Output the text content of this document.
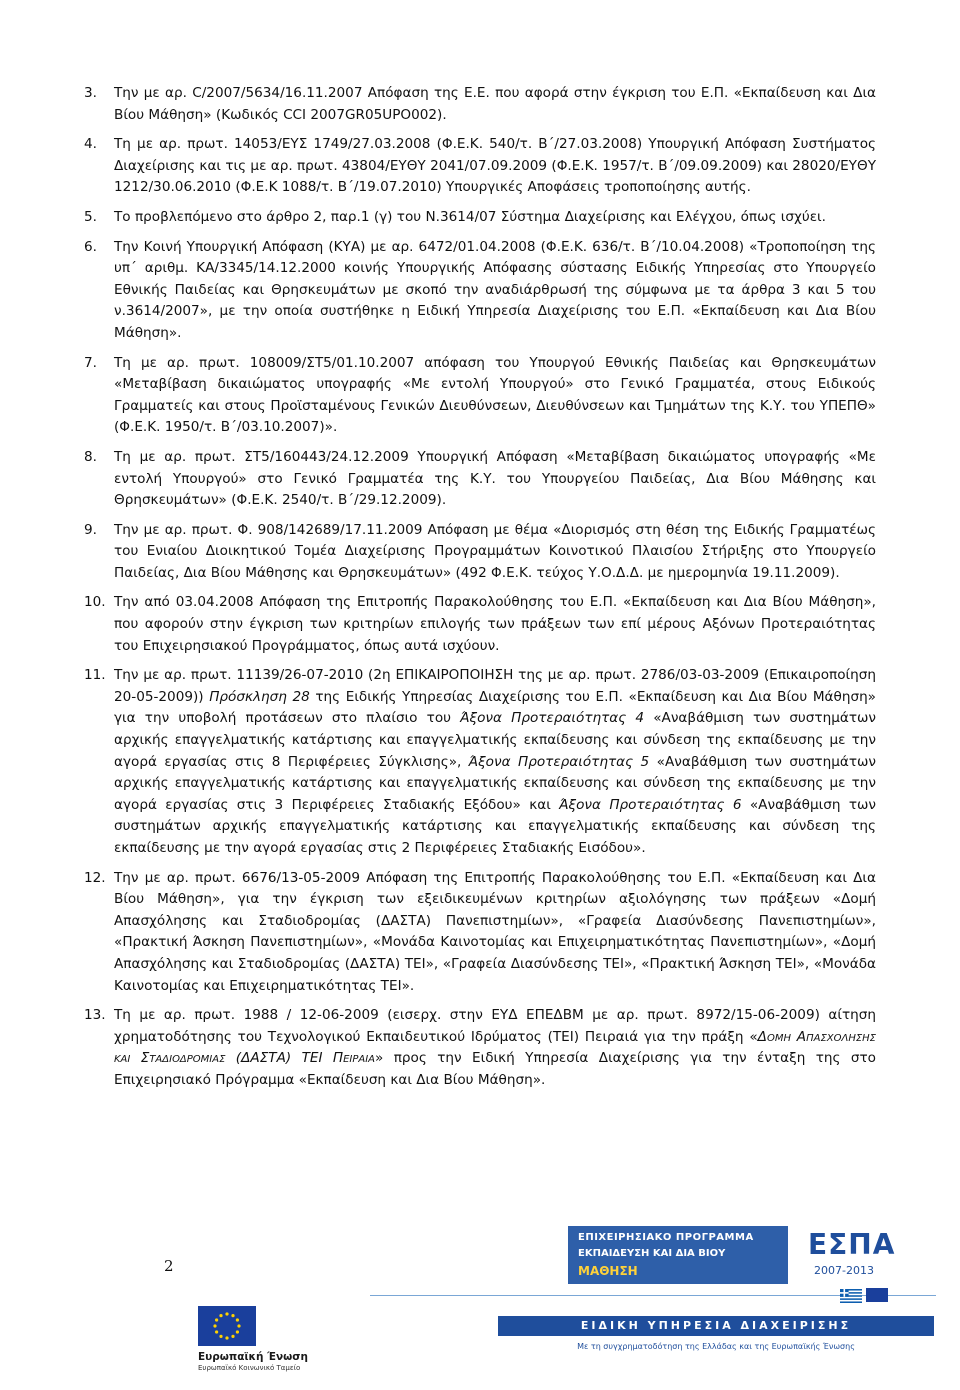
3.	Την με αρ. C/2007/5634/16.11.2007 Απόφαση της Ε.Ε. που αφορά στην έγκριση του Ε.Π. «Εκπαίδευση και Δια Βίου Μάθηση» (Κωδικός CCI 2007GR05UPO002).
4.	Τη με αρ. πρωτ. 14053/ΕΥΣ 1749/27.03.2008 (Φ.Ε.Κ. 540/τ. Β΄/27.03.2008) Υπουργική Απόφαση Συστήματος Διαχείρισης και τις με αρ. πρωτ. 43804/ΕΥΘΥ 2041/07.09.2009 (Φ.Ε.Κ. 1957/τ. Β΄/09.09.2009) και 28020/ΕΥΘΥ 1212/30.06.2010 (Φ.Ε.Κ 1088/τ. Β΄/19.07.2010) Υπουργικές Αποφάσεις τροποποίησης αυτής.
5.	Το προβλεπόμενο στο άρθρο 2, παρ.1 (γ) του Ν.3614/07 Σύστημα Διαχείρισης και Ελέγχου, όπως ισχύει.
6.	Την Κοινή Υπουργική Απόφαση (ΚΥΑ) με αρ. 6472/01.04.2008 (Φ.Ε.Κ. 636/τ. Β΄/10.04.2008) «Τροποποίηση της υπ΄ αριθμ. ΚΑ/3345/14.12.2000 κοινής Υπουργικής Απόφασης σύστασης Ειδικής Υπηρεσίας στο Υπουργείο Εθνικής Παιδείας και Θρησκευμάτων με σκοπό την αναδιάρθρωσή της σύμφωνα με τα άρθρα 3 και 5 του ν.3614/2007», με την οποία συστήθηκε η Ειδική Υπηρεσία Διαχείρισης του Ε.Π. «Εκπαίδευση και Δια Βίου Μάθηση».
7.	Τη με αρ. πρωτ. 108009/ΣΤ5/01.10.2007 απόφαση του Υπουργού Εθνικής Παιδείας και Θρησκευμάτων «Μεταβίβαση δικαιώματος υπογραφής «Με εντολή Υπουργού» στο Γενικό Γραμματέα, στους Ειδικούς Γραμματείς και στους Προϊσταμένους Γενικών Διευθύνσεων, Διευθύνσεων και Τμημάτων της Κ.Υ. του ΥΠΕΠΘ» (Φ.Ε.Κ. 1950/τ. Β΄/03.10.2007)».
8.	Τη με αρ. πρωτ. ΣΤ5/160443/24.12.2009 Υπουργική Απόφαση «Μεταβίβαση δικαιώματος υπογραφής «Με εντολή Υπουργού» στο Γενικό Γραμματέα της Κ.Υ. του Υπουργείου Παιδείας, Δια Βίου Μάθησης και Θρησκευμάτων» (Φ.Ε.Κ. 2540/τ. Β΄/29.12.2009).
9.	Την με αρ. πρωτ. Φ. 908/142689/17.11.2009 Απόφαση με θέμα «Διορισμός στη θέση της Ειδικής Γραμματέως του Ενιαίου Διοικητικού Τομέα Διαχείρισης Προγραμμάτων Κοινοτικού Πλαισίου Στήριξης στο Υπουργείο Παιδείας, Δια Βίου Μάθησης και Θρησκευμάτων» (492 Φ.Ε.Κ. τεύχος Υ.Ο.Δ.Δ. με ημερομηνία 19.11.2009).
10. Την από 03.04.2008 Απόφαση της Επιτροπής Παρακολούθησης του Ε.Π. «Εκπαίδευση και Δια Βίου Μάθηση», που αφορούν στην έγκριση των κριτηρίων επιλογής των πράξεων των επί μέρους Αξόνων Προτεραιότητας του Επιχειρησιακού Προγράμματος, όπως αυτά ισχύουν.
11. Την με αρ. πρωτ. 11139/26-07-2010 (2η ΕΠΙΚΑΙΡΟΠΟΙΗΣΗ της με αρ. πρωτ. 2786/03-03-2009 (Επικαιροποίηση 20-05-2009)) Πρόσκληση 28 της Ειδικής Υπηρεσίας Διαχείρισης του Ε.Π. «Εκπαίδευση και Δια Βίου Μάθηση» για την υποβολή προτάσεων στο πλαίσιο του Άξονα Προτεραιότητας 4 «Αναβάθμιση των συστημάτων αρχικής επαγγελματικής κατάρτισης και επαγγελματικής εκπαίδευσης και σύνδεση της εκπαίδευσης με την αγορά εργασίας στις 8 Περιφέρειες Σύγκλισης», Άξονα Προτεραιότητας 5 «Αναβάθμιση των συστημάτων αρχικής επαγγελματικής κατάρτισης και επαγγελματικής εκπαίδευσης και σύνδεση της εκπαίδευσης με την αγορά εργασίας στις 3 Περιφέρειες Σταδιακής Εξόδου» και Άξονα Προτεραιότητας 6 «Αναβάθμιση των συστημάτων αρχικής επαγγελματικής κατάρτισης και επαγγελματικής εκπαίδευσης και σύνδεση της εκπαίδευσης με την αγορά εργασίας στις 2 Περιφέρειες Σταδιακής Εισόδου».
12. Την με αρ. πρωτ. 6676/13-05-2009 Απόφαση της Επιτροπής Παρακολούθησης του Ε.Π. «Εκπαίδευση και Δια Βίου Μάθηση», για την έγκριση των εξειδικευμένων κριτηρίων αξιολόγησης των πράξεων «Δομή Απασχόλησης και Σταδιοδρομίας (ΔΑΣΤΑ) Πανεπιστημίων», «Γραφεία Διασύνδεσης Πανεπιστημίων», «Πρακτική Άσκηση Πανεπιστημίων», «Μονάδα Καινοτομίας και Επιχειρηματικότητας Πανεπιστημίων», «Δομή Απασχόλησης και Σταδιοδρομίας (ΔΑΣΤΑ) ΤΕΙ», «Γραφεία Διασύνδεσης ΤΕΙ», «Πρακτική Άσκηση ΤΕΙ», «Μονάδα Καινοτομίας και Επιχειρηματικότητας ΤΕΙ».
13. Τη με αρ. πρωτ. 1988 / 12-06-2009 (εισερχ. στην ΕΥΔ ΕΠΕΔΒΜ με αρ. πρωτ. 8972/15-06-2009) αίτηση χρηματοδότησης του Τεχνολογικού Εκπαιδευτικού Ιδρύματος (ΤΕΙ) Πειραιά για την πράξη «Δομη Απασχολησης και Σταδιοδρομιας (ΔΑΣΤΑ) ΤΕΙ Πειραια» προς την Ειδική Υπηρεσία Διαχείρισης για την ένταξη της στο Επιχειρησιακό Πρόγραμμα «Εκπαίδευση και Δια Βίου Μάθηση».
2
Ευρωπαϊκή Ένωση
Ευρωπαϊκό Κοινωνικό Ταμείο
ΕΠΙΧΕΙΡΗΣΙΑΚΟ ΠΡΟΓΡΑΜΜΑ
ΕΚΠΑΙΔΕΥΣΗ ΚΑΙ ΔΙΑ ΒΙΟΥ
ΜΑΘΗΣΗ
ΕΣΠΑ
2007-2013
ΕΙΔΙΚΗ ΥΠΗΡΕΣΙΑ ΔΙΑΧΕΙΡΙΣΗΣ
Με τη συγχρηματοδότηση της Ελλάδας και της Ευρωπαϊκής Ένωσης
